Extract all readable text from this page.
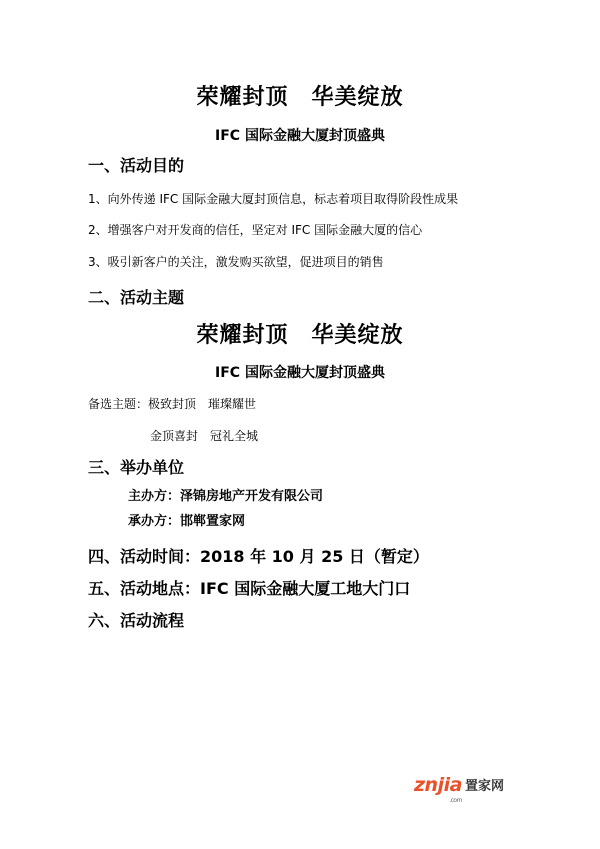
荣耀封顶　华美绽放
IFC 国际金融大厦封顶盛典
一、活动目的
1、向外传递 IFC 国际金融大厦封顶信息，标志着项目取得阶段性成果
2、增强客户对开发商的信任，坚定对 IFC 国际金融大厦的信心
3、吸引新客户的关注，激发购买欲望，促进项目的销售
二、活动主题
荣耀封顶　华美绽放
IFC 国际金融大厦封顶盛典
备选主题：极致封顶　璀璨耀世
金顶喜封　冠礼全城
三、举办单位
主办方：泽锦房地产开发有限公司
承办方：邯郸置家网
四、活动时间：2018 年 10 月 25 日（暂定）
五、活动地点：IFC 国际金融大厦工地大门口
六、活动流程
znjia
.com
置家网
